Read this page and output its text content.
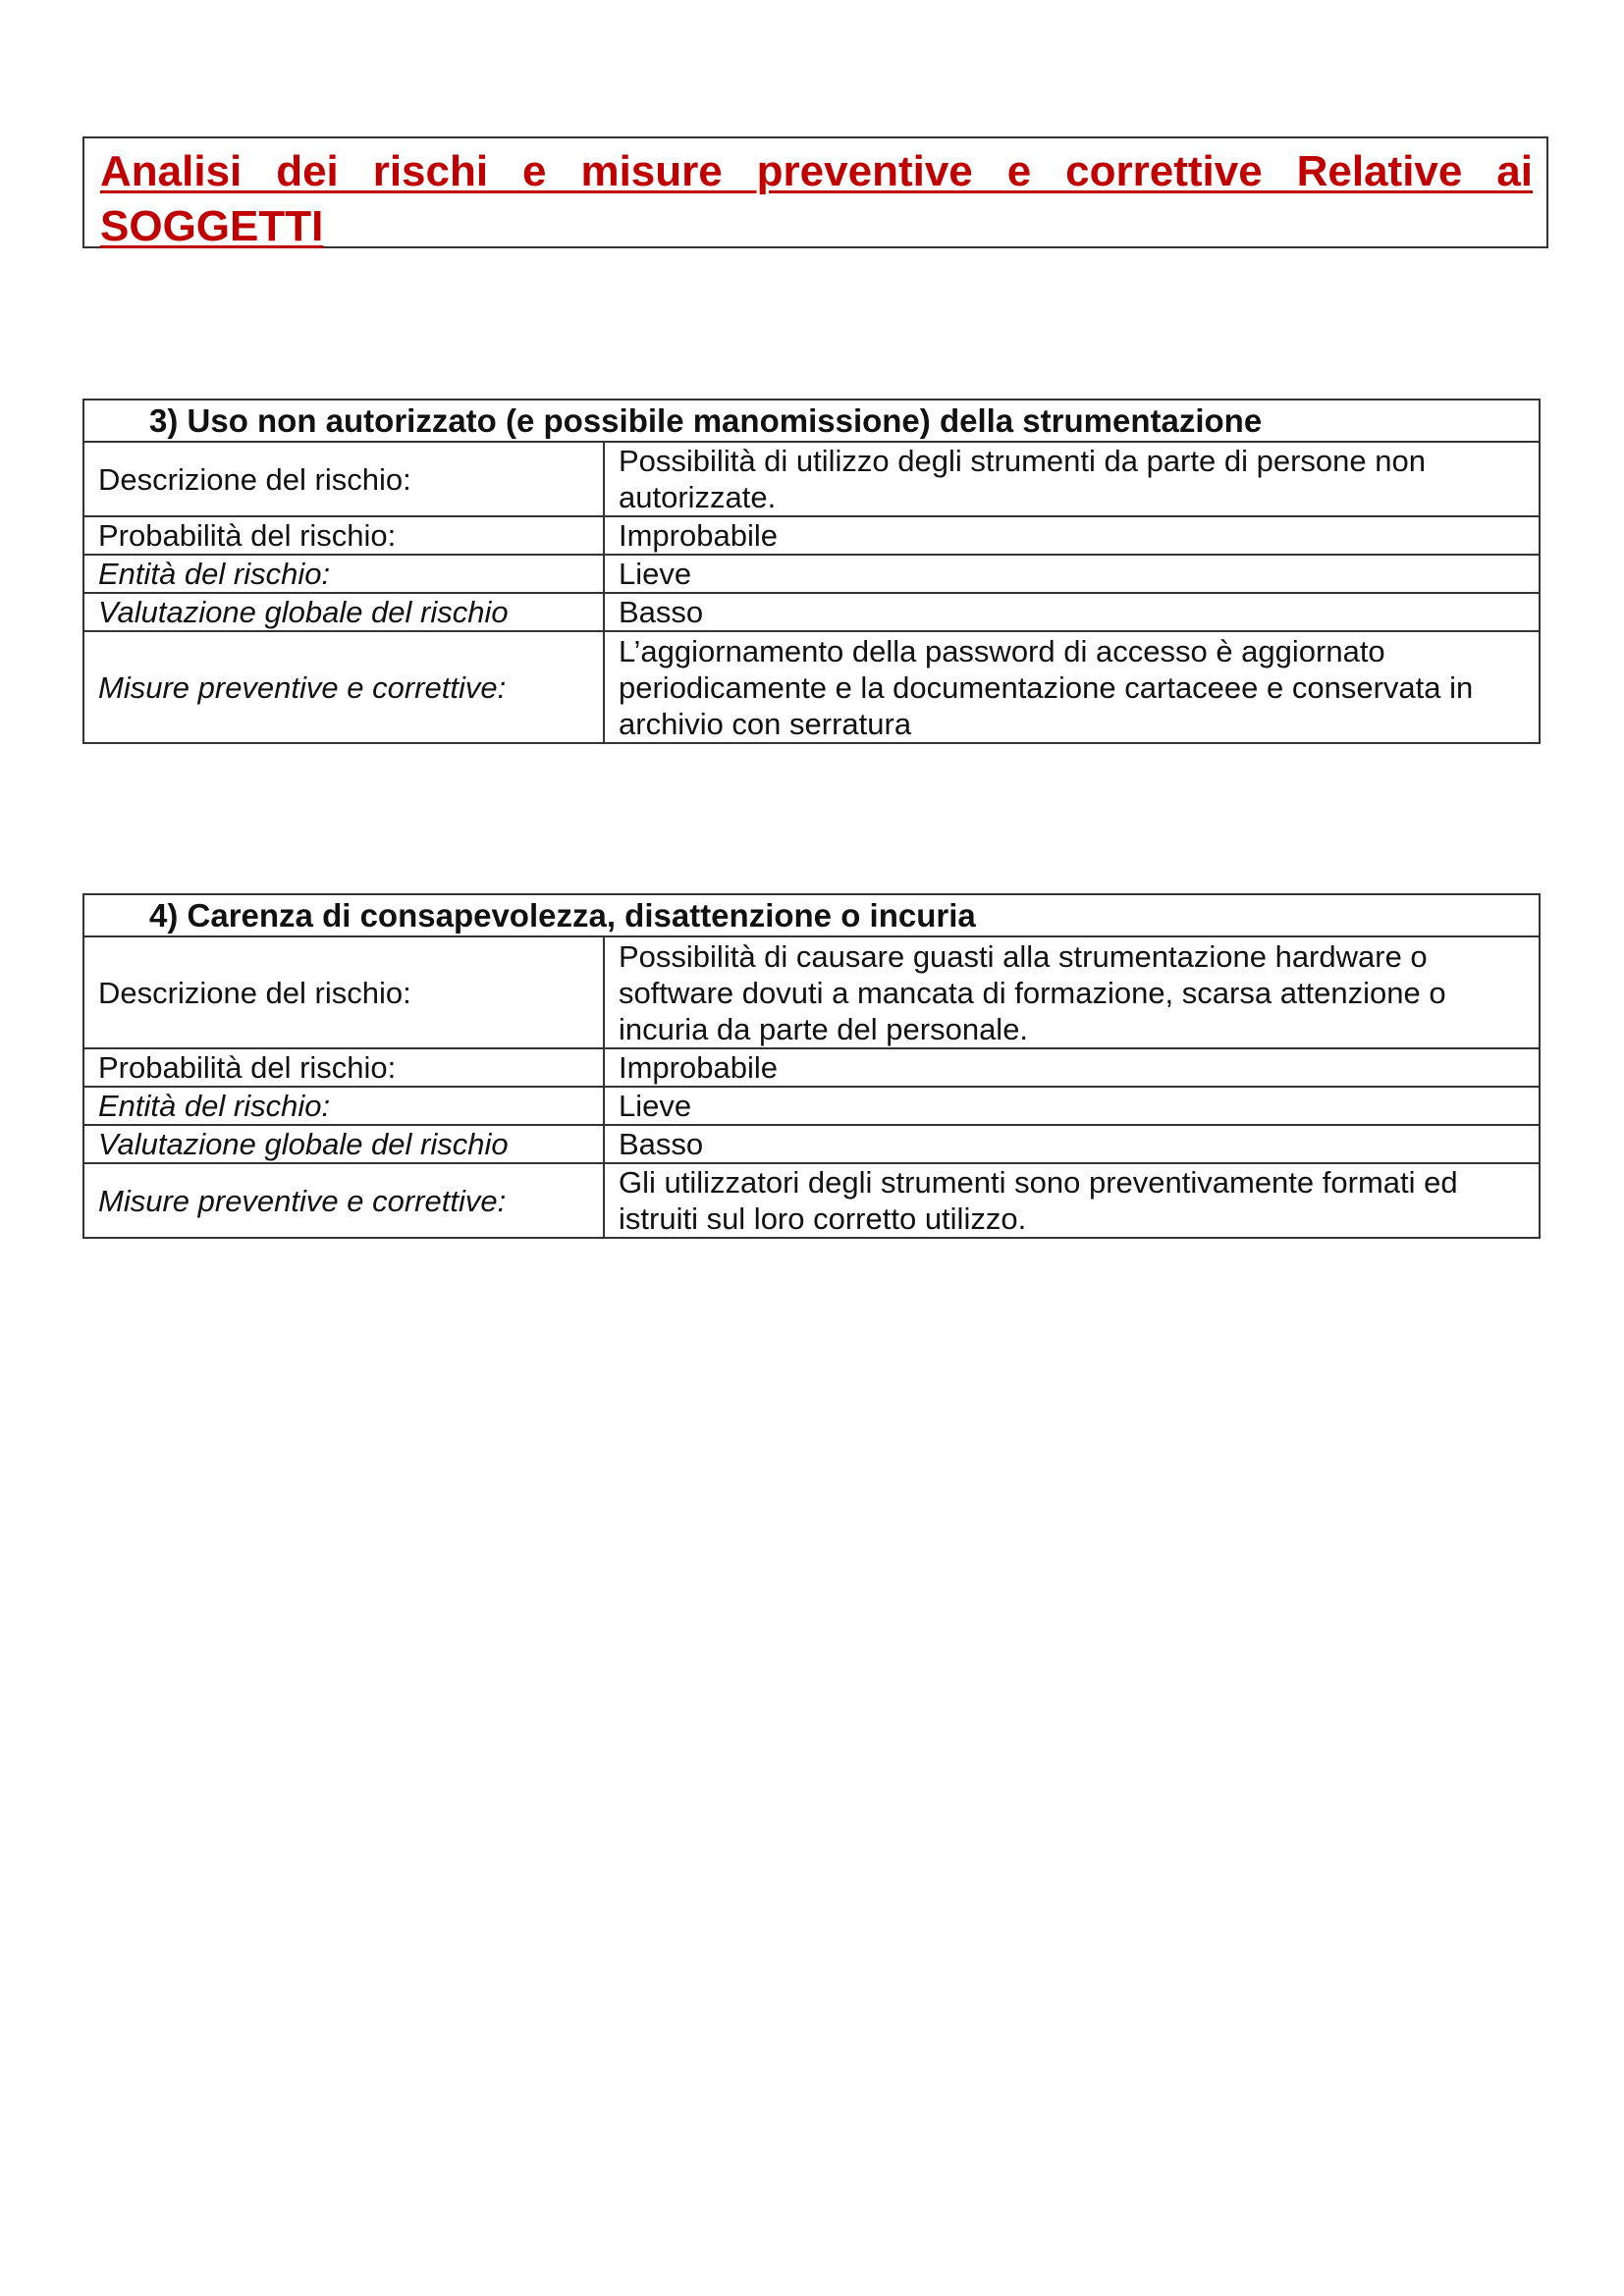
Analisi dei rischi e misure preventive e correttive Relative ai SOGGETTI
3) Uso non autorizzato (e possibile manomissione) della strumentazione	
Descrizione del rischio:	Possibilità di utilizzo degli strumenti da parte di persone non autorizzate.
Probabilità del rischio:	Improbabile
Entità del rischio:	Lieve
Valutazione globale del rischio	Basso
Misure preventive e correttive:	L’aggiornamento della password di accesso è aggiornato periodicamente e la documentazione cartaceee e conservata in archivio con serratura
4) Carenza di consapevolezza, disattenzione o incuria	
Descrizione del rischio:	Possibilità di causare guasti alla strumentazione hardware o software dovuti a mancata di formazione, scarsa attenzione o incuria da parte del personale.
Probabilità del rischio:	Improbabile
Entità del rischio:	Lieve
Valutazione globale del rischio	Basso
Misure preventive e correttive:	Gli utilizzatori degli strumenti sono preventivamente formati ed istruiti sul loro corretto utilizzo.
